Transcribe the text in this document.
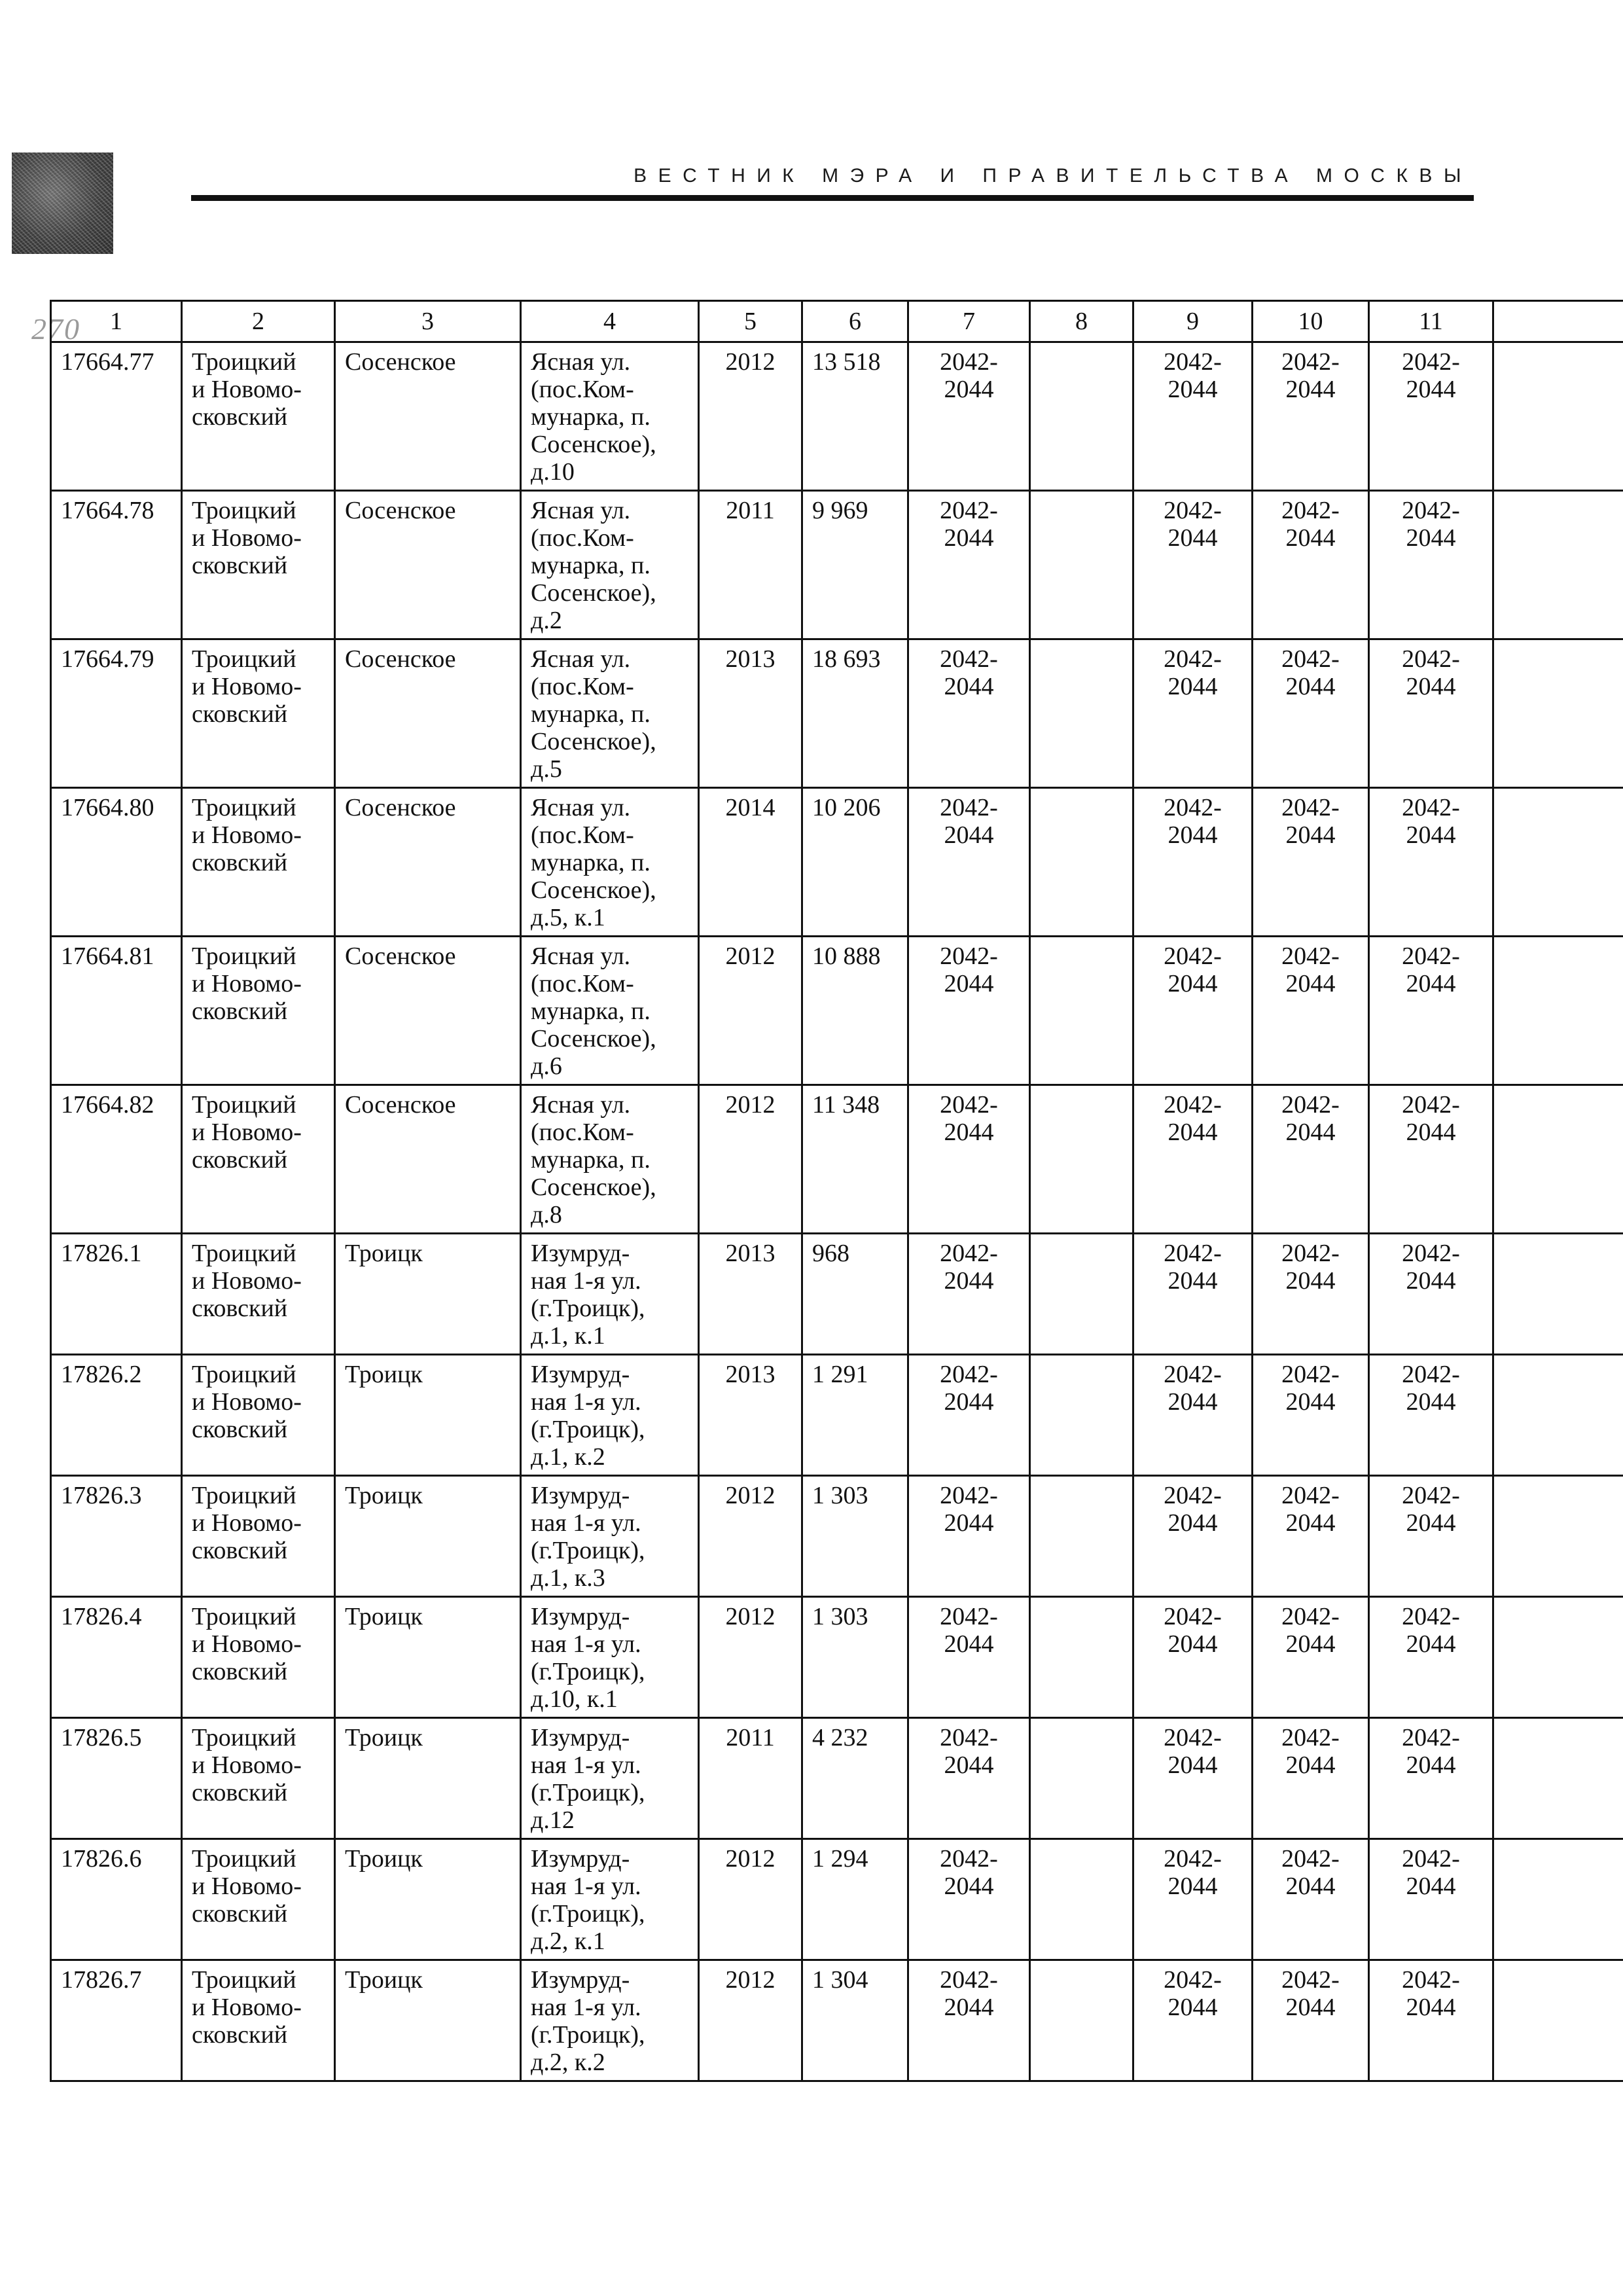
270
ВЕСТНИК МЭРА И ПРАВИТЕЛЬСТВА МОСКВЫ
1	2	3	4	5	6	7	8	9	10	11	
17664.77	Троицкий
и Новомо-
сковский	Сосенское	Ясная ул.
(пос.Ком-
мунарка, п.
Сосенское),
д.10	2012	13 518	2042-
2044		2042-
2044	2042-
2044	2042-
2044	
17664.78	Троицкий
и Новомо-
сковский	Сосенское	Ясная ул.
(пос.Ком-
мунарка, п.
Сосенское),
д.2	2011	9 969	2042-
2044		2042-
2044	2042-
2044	2042-
2044	
17664.79	Троицкий
и Новомо-
сковский	Сосенское	Ясная ул.
(пос.Ком-
мунарка, п.
Сосенское),
д.5	2013	18 693	2042-
2044		2042-
2044	2042-
2044	2042-
2044	
17664.80	Троицкий
и Новомо-
сковский	Сосенское	Ясная ул.
(пос.Ком-
мунарка, п.
Сосенское),
д.5, к.1	2014	10 206	2042-
2044		2042-
2044	2042-
2044	2042-
2044	
17664.81	Троицкий
и Новомо-
сковский	Сосенское	Ясная ул.
(пос.Ком-
мунарка, п.
Сосенское),
д.6	2012	10 888	2042-
2044		2042-
2044	2042-
2044	2042-
2044	
17664.82	Троицкий
и Новомо-
сковский	Сосенское	Ясная ул.
(пос.Ком-
мунарка, п.
Сосенское),
д.8	2012	11 348	2042-
2044		2042-
2044	2042-
2044	2042-
2044	
17826.1	Троицкий
и Новомо-
сковский	Троицк	Изумруд-
ная 1-я ул.
(г.Троицк),
д.1, к.1	2013	968	2042-
2044		2042-
2044	2042-
2044	2042-
2044	
17826.2	Троицкий
и Новомо-
сковский	Троицк	Изумруд-
ная 1-я ул.
(г.Троицк),
д.1, к.2	2013	1 291	2042-
2044		2042-
2044	2042-
2044	2042-
2044	
17826.3	Троицкий
и Новомо-
сковский	Троицк	Изумруд-
ная 1-я ул.
(г.Троицк),
д.1, к.3	2012	1 303	2042-
2044		2042-
2044	2042-
2044	2042-
2044	
17826.4	Троицкий
и Новомо-
сковский	Троицк	Изумруд-
ная 1-я ул.
(г.Троицк),
д.10, к.1	2012	1 303	2042-
2044		2042-
2044	2042-
2044	2042-
2044	
17826.5	Троицкий
и Новомо-
сковский	Троицк	Изумруд-
ная 1-я ул.
(г.Троицк),
д.12	2011	4 232	2042-
2044		2042-
2044	2042-
2044	2042-
2044	
17826.6	Троицкий
и Новомо-
сковский	Троицк	Изумруд-
ная 1-я ул.
(г.Троицк),
д.2, к.1	2012	1 294	2042-
2044		2042-
2044	2042-
2044	2042-
2044	
17826.7	Троицкий
и Новомо-
сковский	Троицк	Изумруд-
ная 1-я ул.
(г.Троицк),
д.2, к.2	2012	1 304	2042-
2044		2042-
2044	2042-
2044	2042-
2044	
